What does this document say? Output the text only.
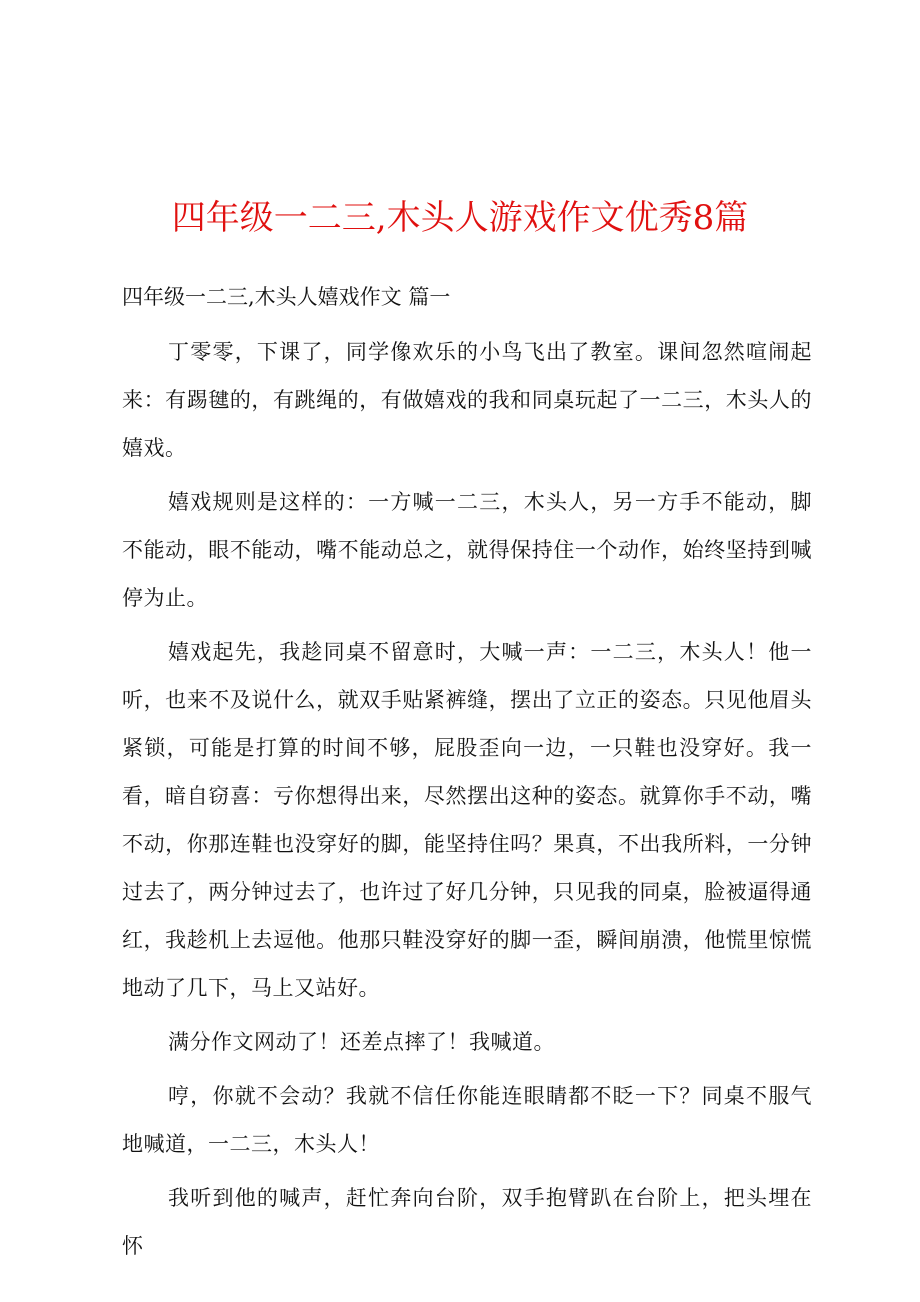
四年级一二三,木头人游戏作文优秀8篇

四年级一二三,木头人嬉戏作文 篇一

丁零零，下课了，同学像欢乐的小鸟飞出了教室。课间忽然喧闹起来：有踢毽的，有跳绳的，有做嬉戏的我和同桌玩起了一二三，木头人的嬉戏。

嬉戏规则是这样的：一方喊一二三，木头人，另一方手不能动，脚不能动，眼不能动，嘴不能动总之，就得保持住一个动作，始终坚持到喊停为止。

嬉戏起先，我趁同桌不留意时，大喊一声：一二三，木头人！他一听，也来不及说什么，就双手贴紧裤缝，摆出了立正的姿态。只见他眉头紧锁，可能是打算的时间不够，屁股歪向一边，一只鞋也没穿好。我一看，暗自窃喜：亏你想得出来，尽然摆出这种的姿态。就算你手不动，嘴不动，你那连鞋也没穿好的脚，能坚持住吗？果真，不出我所料，一分钟过去了，两分钟过去了，也许过了好几分钟，只见我的同桌，脸被逼得通红，我趁机上去逗他。他那只鞋没穿好的脚一歪，瞬间崩溃，他慌里惊慌地动了几下，马上又站好。

满分作文网动了！还差点摔了！我喊道。

哼，你就不会动？我就不信任你能连眼睛都不眨一下？同桌不服气地喊道，一二三，木头人！

我听到他的喊声，赶忙奔向台阶，双手抱臂趴在台阶上，把头埋在怀
